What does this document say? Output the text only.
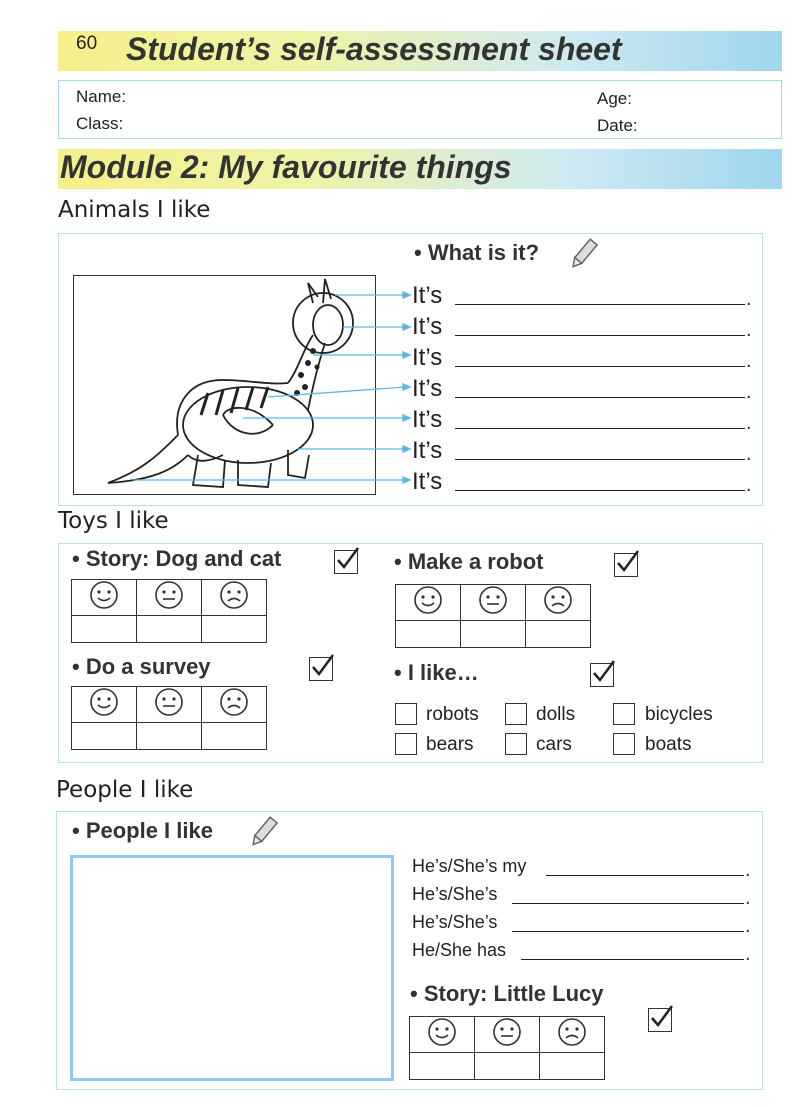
60 Student’s self-assessment sheet
Name:
Class:
Age:
Date:
Module 2: My favourite things
Animals I like
• What is it?
It’s
It’s
It’s
It’s
It’s
It’s
It’s
Toys I like
• Story: Dog and cat
	• Make a robot

• Do a survey
	• I like…

robots	dolls	bicycles
bears	cars	boats
People I like
• People I like
He’s/She’s my
He’s/She’s
He’s/She’s
He/She has
• Story: Little Lucy

.
.
.
.
.
.
.
.
.
.
.
